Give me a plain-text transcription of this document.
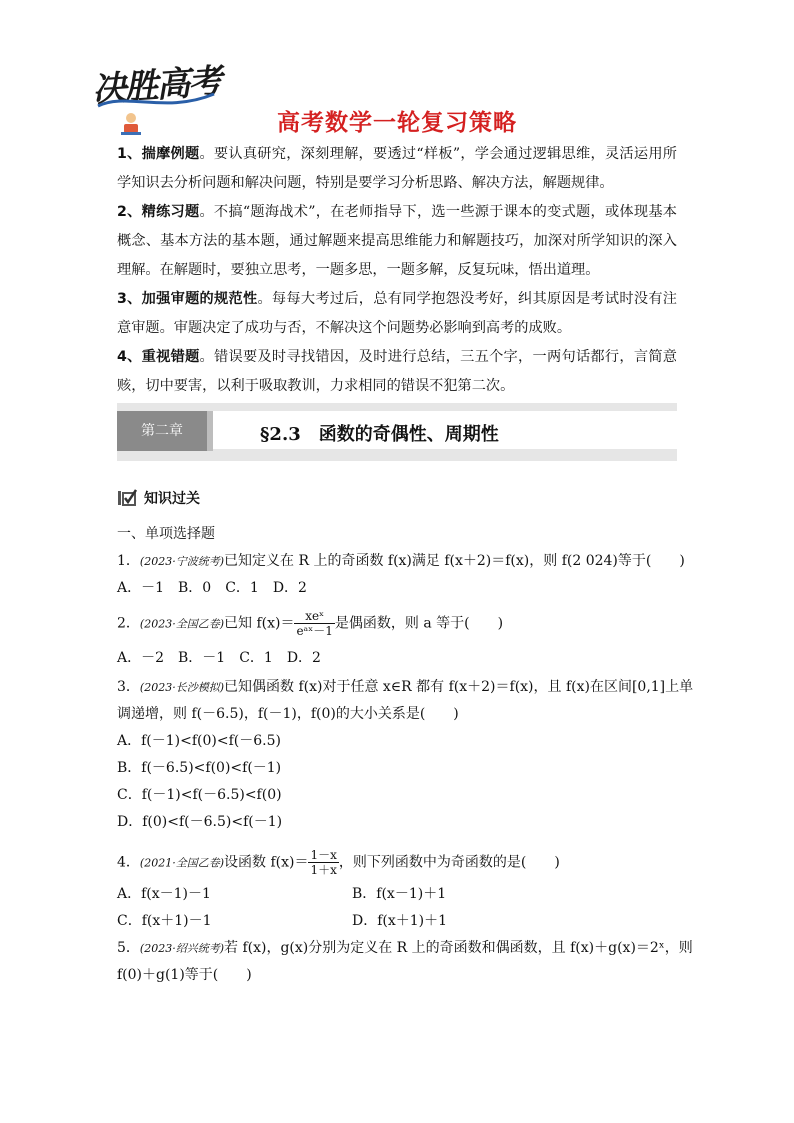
决胜高考
高考数学一轮复习策略
1、揣摩例题。要认真研究，深刻理解，要透过“样板”，学会通过逻辑思维，灵活运用所学知识去分析问题和解决问题，特别是要学习分析思路、解决方法，解题规律。
2、精练习题。不搞“题海战术”，在老师指导下，选一些源于课本的变式题，或体现基本概念、基本方法的基本题，通过解题来提高思维能力和解题技巧，加深对所学知识的深入理解。在解题时，要独立思考，一题多思，一题多解，反复玩味，悟出道理。
3、加强审题的规范性。每每大考过后，总有同学抱怨没考好，纠其原因是考试时没有注意审题。审题决定了成功与否，不解决这个问题势必影响到高考的成败。
4、重视错题。错误要及时寻找错因，及时进行总结，三五个字，一两句话都行，言简意赅，切中要害，以利于吸取教训，力求相同的错误不犯第二次。
第二章	§2.3　函数的奇偶性、周期性
知识过关
一、单项选择题
1．(2023·宁波统考)已知定义在 R 上的奇函数 f(x)满足 f(x＋2)＝f(x)，则 f(2 024)等于(　　)
A．－1　B．0　C．1　D．2
2．(2023·全国乙卷)已知 $f(x)= \frac{\text{xeˣ}}{\text{eᵃˣ－1}}$ 是偶函数，则 a 等于(　　)
A．－2　B．－1　C．1　D．2
3．(2023·长沙模拟)已知偶函数 f(x)对于任意 x∈R 都有 f(x＋2)＝f(x)，且 f(x)在区间[0,1]上单
调递增，则 f(－6.5)，f(－1)，f(0)的大小关系是(　　)
A．f(－1)<f(0)<f(－6.5)
B．f(－6.5)<f(0)<f(－1)
C．f(－1)<f(－6.5)<f(0)
D．f(0)<f(－6.5)<f(－1)
4．(2021·全国乙卷)设函数 $f(x)= \frac{1-x}{1+x}$ ，则下列函数中为奇函数的是(　　)
A．f(x－1)－1	B．f(x－1)＋1
C．f(x＋1)－1	D．f(x＋1)＋1
5．(2023·绍兴统考)若 f(x)，g(x)分别为定义在 R 上的奇函数和偶函数，且 f(x)＋g(x)＝2ˣ，则
f(0)＋g(1)等于(　　)
